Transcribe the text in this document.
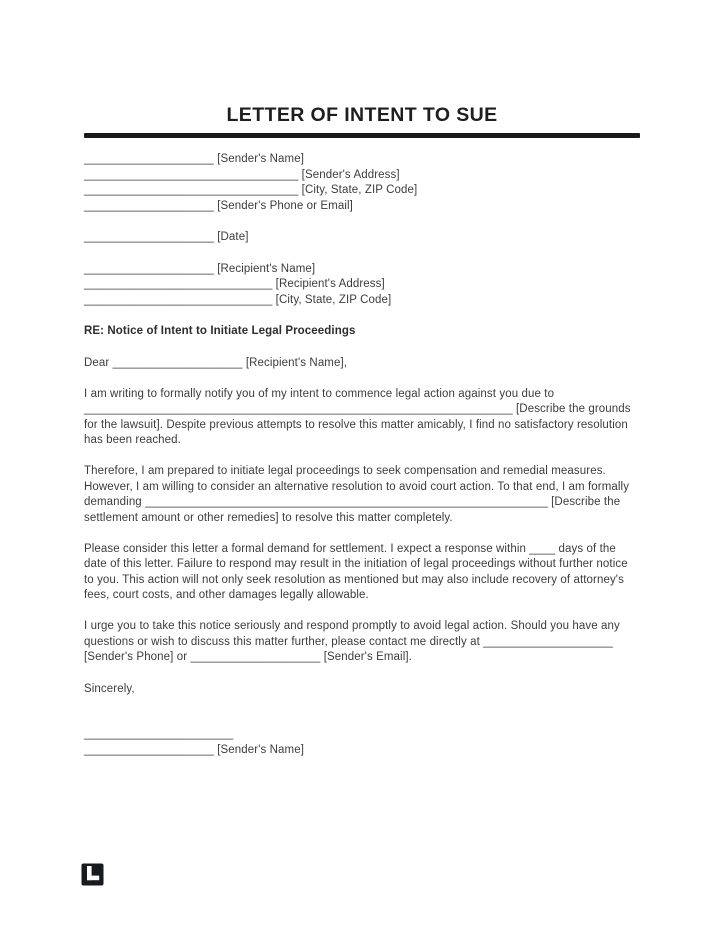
LETTER OF INTENT TO SUE
____________________ [Sender's Name]
_________________________________ [Sender's Address]
_________________________________ [City, State, ZIP Code]
____________________ [Sender's Phone or Email]
____________________ [Date]
____________________ [Recipient's Name]
_____________________________ [Recipient's Address]
_____________________________ [City, State, ZIP Code]
RE: Notice of Intent to Initiate Legal Proceedings
Dear ____________________ [Recipient's Name],

I am writing to formally notify you of my intent to commence legal action against you due to __________________________________________________________________ [Describe the grounds for the lawsuit]. Despite previous attempts to resolve this matter amicably, I find no satisfactory resolution has been reached.

Therefore, I am prepared to initiate legal proceedings to seek compensation and remedial measures. However, I am willing to consider an alternative resolution to avoid court action. To that end, I am formally demanding ______________________________________________________________ [Describe the settlement amount or other remedies] to resolve this matter completely.

Please consider this letter a formal demand for settlement. I expect a response within ____ days of the date of this letter. Failure to respond may result in the initiation of legal proceedings without further notice to you. This action will not only seek resolution as mentioned but may also include recovery of attorney's fees, court costs, and other damages legally allowable.

I urge you to take this notice seriously and respond promptly to avoid legal action. Should you have any questions or wish to discuss this matter further, please contact me directly at ____________________ [Sender's Phone] or ____________________ [Sender's Email].

Sincerely,
_______________________
____________________ [Sender's Name]
